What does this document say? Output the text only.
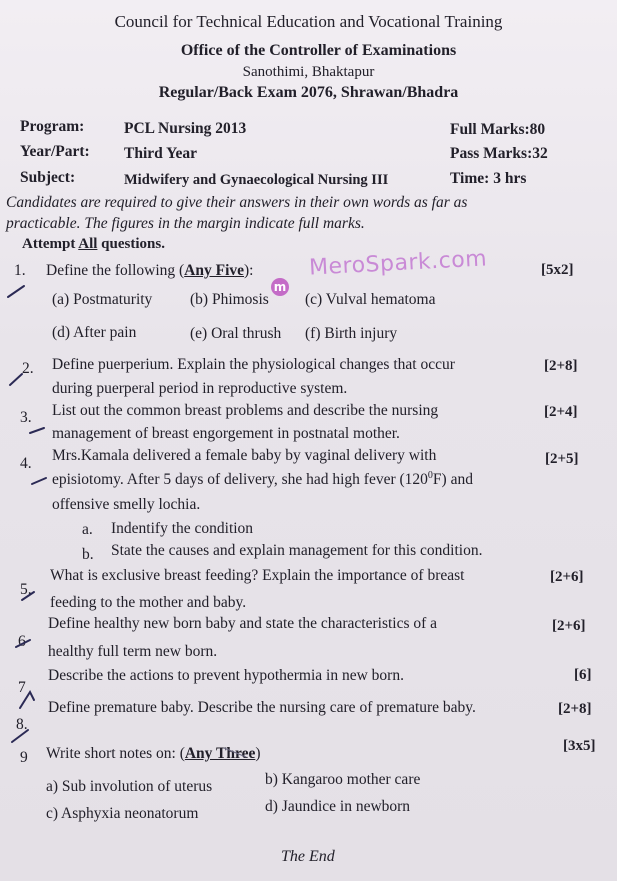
Council for Technical Education and Vocational Training
Office of the Controller of Examinations
Sanothimi, Bhaktapur
Regular/Back Exam 2076, Shrawan/Bhadra
Program:	PCL Nursing 2013	Full Marks:80
Year/Part: Third Year	Pass Marks:32
Subject:	Midwifery and Gynaecological Nursing III	Time: 3 hrs
Candidates are required to give their answers in their own words as far as
practicable. The figures in the margin indicate full marks.
Attempt All questions.
m
MeroSpark.com
1. Define the following (Any Five):	[5x2]
(a) Postmaturity (b) Phimosis (c) Vulval hematoma
(d) After pain	(e) Oral thrush (f) Birth injury
2. Define puerperium. Explain the physiological changes that occur	[2+8]
during puerperal period in reproductive system.
3. List out the common breast problems and describe the nursing	[2+4]
management of breast engorgement in postnatal mother.
4. Mrs.Kamala delivered a female baby by vaginal delivery with	[2+5]
episiotomy. After 5 days of delivery, she had high fever $(120^0F)$ and
offensive smelly lochia.
a. Indentify the condition
b. State the causes and explain management for this condition.
5.
What is exclusive breast feeding? Explain the importance of breast	[2+6]
feeding to the mother and baby.
6
Define healthy new born baby and state the characteristics of a	[2+6]
healthy full term new born.
7
Describe the actions to prevent hypothermia in new born.	[6]
8.
Define premature baby. Describe the nursing care of premature baby.	[2+8]
9 Write short notes on: (Any Three)	[3x5]
a) Sub involution of uterus	b) Kangaroo mother care
c) Asphyxia neonatorum	d) Jaundice in newborn
The End
